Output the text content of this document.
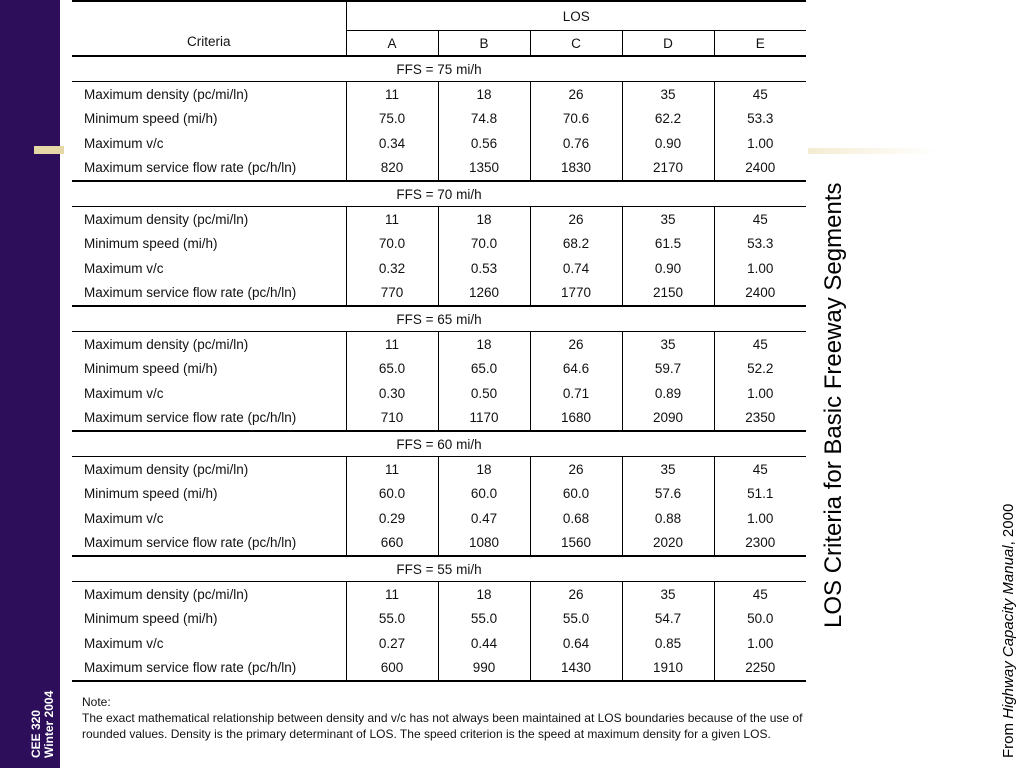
CEE 320 Winter 2004
Criteria	LOS				
	A	B	C	D	E
FFS = 75 mi/h					
Maximum density (pc/mi/ln)	11	18	26	35	45
Minimum speed (mi/h)	75.0	74.8	70.6	62.2	53.3
Maximum v/c	0.34	0.56	0.76	0.90	1.00
Maximum service flow rate (pc/h/ln)	820	1350	1830	2170	2400
FFS = 70 mi/h					
Maximum density (pc/mi/ln)	11	18	26	35	45
Minimum speed (mi/h)	70.0	70.0	68.2	61.5	53.3
Maximum v/c	0.32	0.53	0.74	0.90	1.00
Maximum service flow rate (pc/h/ln)	770	1260	1770	2150	2400
FFS = 65 mi/h					
Maximum density (pc/mi/ln)	11	18	26	35	45
Minimum speed (mi/h)	65.0	65.0	64.6	59.7	52.2
Maximum v/c	0.30	0.50	0.71	0.89	1.00
Maximum service flow rate (pc/h/ln)	710	1170	1680	2090	2350
FFS = 60 mi/h					
Maximum density (pc/mi/ln)	11	18	26	35	45
Minimum speed (mi/h)	60.0	60.0	60.0	57.6	51.1
Maximum v/c	0.29	0.47	0.68	0.88	1.00
Maximum service flow rate (pc/h/ln)	660	1080	1560	2020	2300
FFS = 55 mi/h					
Maximum density (pc/mi/ln)	11	18	26	35	45
Minimum speed (mi/h)	55.0	55.0	55.0	54.7	50.0
Maximum v/c	0.27	0.44	0.64	0.85	1.00
Maximum service flow rate (pc/h/ln)	600	990	1430	1910	2250
Note:
The exact mathematical relationship between density and v/c has not always been maintained at LOS boundaries because of the use of rounded values. Density is the primary determinant of LOS. The speed criterion is the speed at maximum density for a given LOS.
LOS Criteria for Basic Freeway Segments
From Highway Capacity Manual, 2000
